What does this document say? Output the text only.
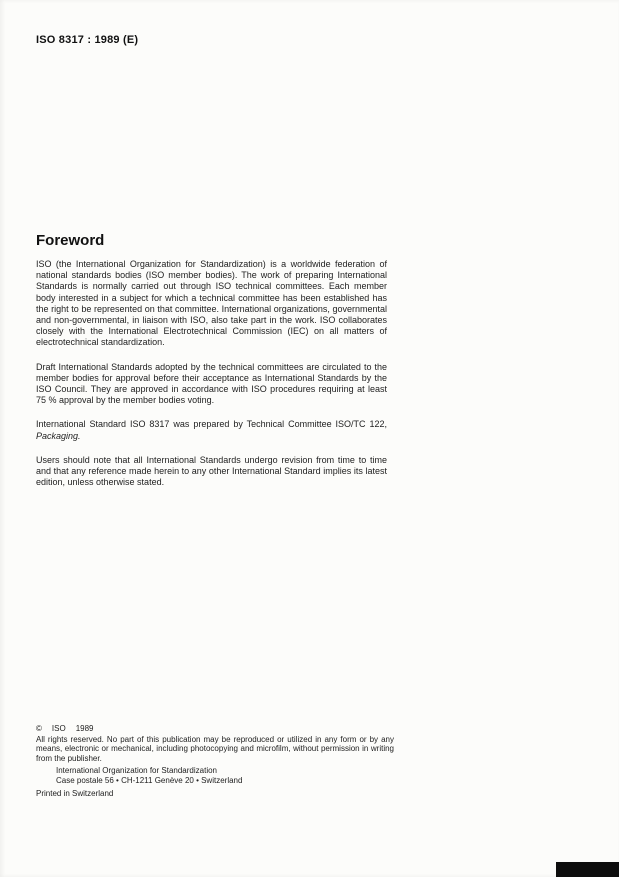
ISO 8317 : 1989 (E)
Foreword

ISO (the International Organization for Standardization) is a worldwide federation of national standards bodies (ISO member bodies). The work of preparing International Standards is normally carried out through ISO technical committees. Each member body interested in a subject for which a technical committee has been established has the right to be represented on that committee. International organizations, governmental and non-governmental, in liaison with ISO, also take part in the work. ISO collaborates closely with the International Electrotechnical Commission (IEC) on all matters of electrotechnical standardization.

Draft International Standards adopted by the technical committees are circulated to the member bodies for approval before their acceptance as International Standards by the ISO Council. They are approved in accordance with ISO procedures requiring at least 75 % approval by the member bodies voting.

International Standard ISO 8317 was prepared by Technical Committee ISO/TC 122, Packaging.

Users should note that all International Standards undergo revision from time to time and that any reference made herein to any other International Standard implies its latest edition, unless otherwise stated.

© ISO 1989
All rights reserved. No part of this publication may be reproduced or utilized in any form or by any means, electronic or mechanical, including photocopying and microfilm, without permission in writing from the publisher.
International Organization for Standardization
Case postale 56 • CH-1211 Genève 20 • Switzerland
Printed in Switzerland
